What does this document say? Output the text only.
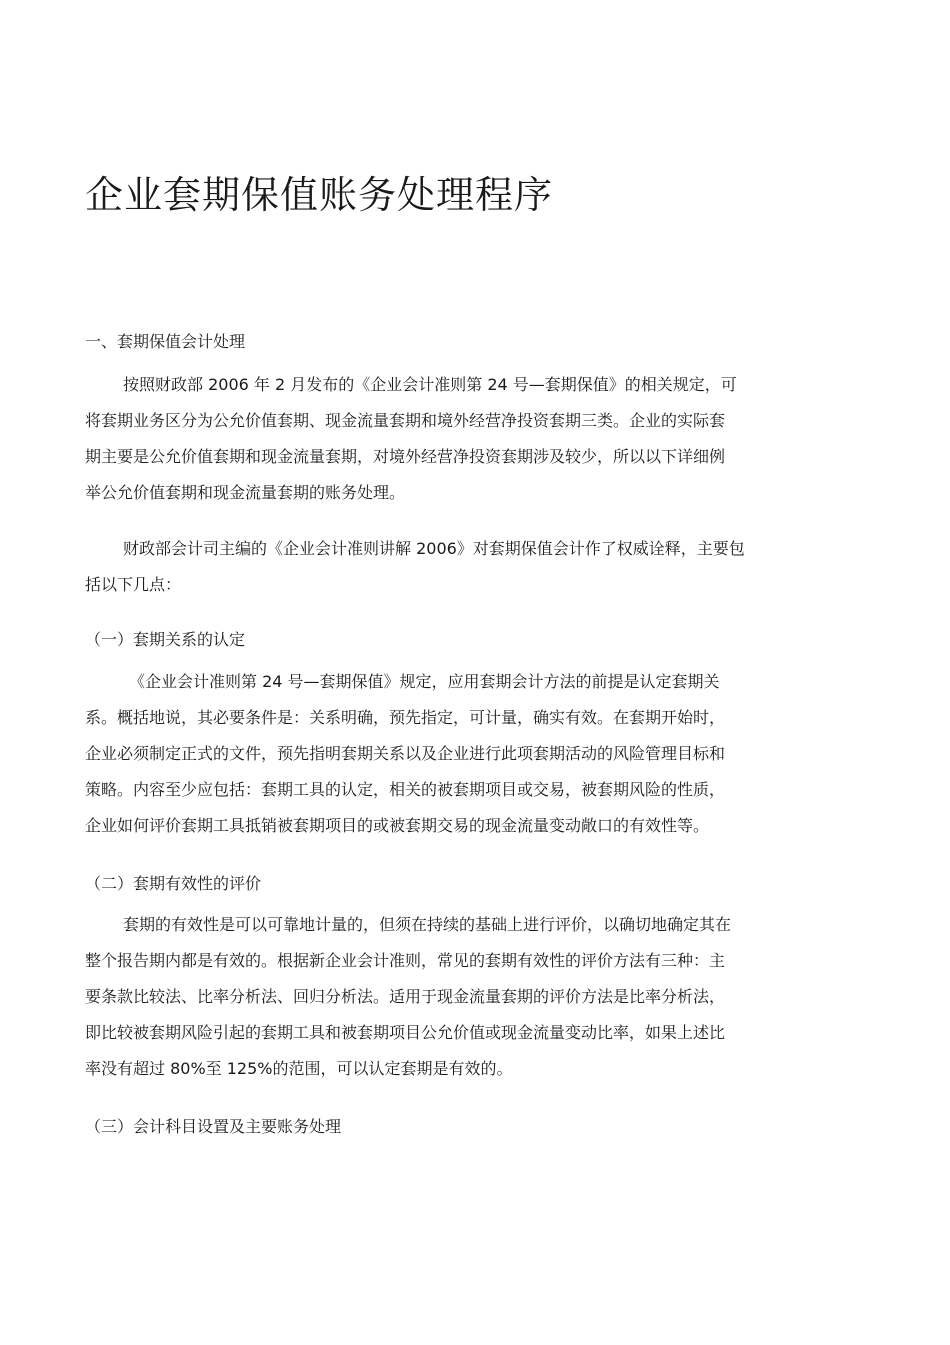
企业套期保值账务处理程序
一、套期保值会计处理
按照财政部 2006 年 2 月发布的《企业会计准则第 24 号—套期保值》的相关规定，可
将套期业务区分为公允价值套期、现金流量套期和境外经营净投资套期三类。企业的实际套
期主要是公允价值套期和现金流量套期，对境外经营净投资套期涉及较少，所以以下详细例
举公允价值套期和现金流量套期的账务处理。
财政部会计司主编的《企业会计准则讲解 2006》对套期保值会计作了权威诠释，主要包
括以下几点：
（一）套期关系的认定
《企业会计准则第 24 号—套期保值》规定，应用套期会计方法的前提是认定套期关
系。概括地说，其必要条件是：关系明确，预先指定，可计量，确实有效。在套期开始时，
企业必须制定正式的文件，预先指明套期关系以及企业进行此项套期活动的风险管理目标和
策略。内容至少应包括：套期工具的认定，相关的被套期项目或交易，被套期风险的性质，
企业如何评价套期工具抵销被套期项目的或被套期交易的现金流量变动敞口的有效性等。
（二）套期有效性的评价
套期的有效性是可以可靠地计量的，但须在持续的基础上进行评价，以确切地确定其在
整个报告期内都是有效的。根据新企业会计准则，常见的套期有效性的评价方法有三种：主
要条款比较法、比率分析法、回归分析法。适用于现金流量套期的评价方法是比率分析法，
即比较被套期风险引起的套期工具和被套期项目公允价值或现金流量变动比率，如果上述比
率没有超过 80%至 125%的范围，可以认定套期是有效的。
（三）会计科目设置及主要账务处理
